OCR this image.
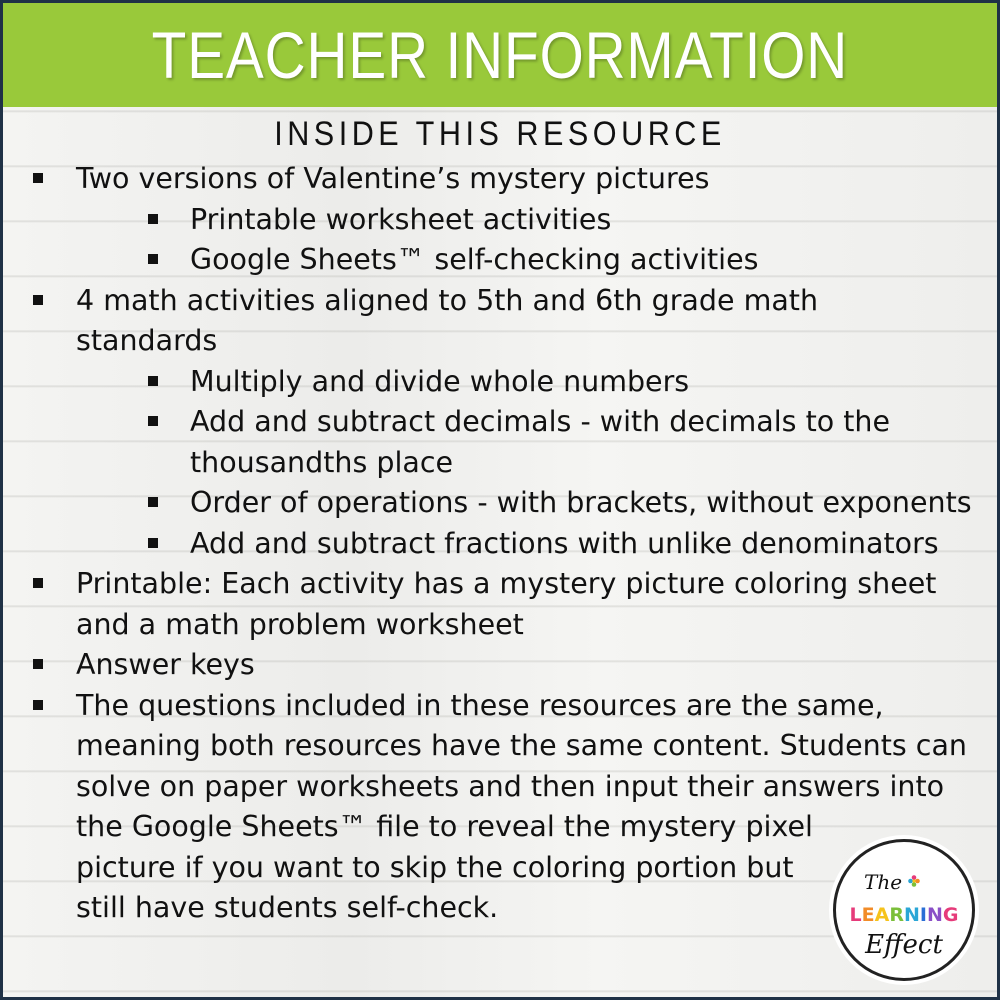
TEACHER INFORMATION
INSIDE THIS RESOURCE
Two versions of Valentine’s mystery pictures
Printable worksheet activities
Google Sheets™ self-checking activities
4 math activities aligned to 5th and 6th grade math standards
Multiply and divide whole numbers
Add and subtract decimals - with decimals to the thousandths place
Order of operations - with brackets, without exponents
Add and subtract fractions with unlike denominators
Printable: Each activity has a mystery picture coloring sheet and a math problem worksheet
Answer keys
The questions included in these resources are the same,
meaning both resources have the same content. Students can
solve on paper worksheets and then input their answers into
the Google Sheets™ file to reveal the mystery pixel
picture if you want to skip the coloring portion but
still have students self-check.
The
LEARNING
Effect
